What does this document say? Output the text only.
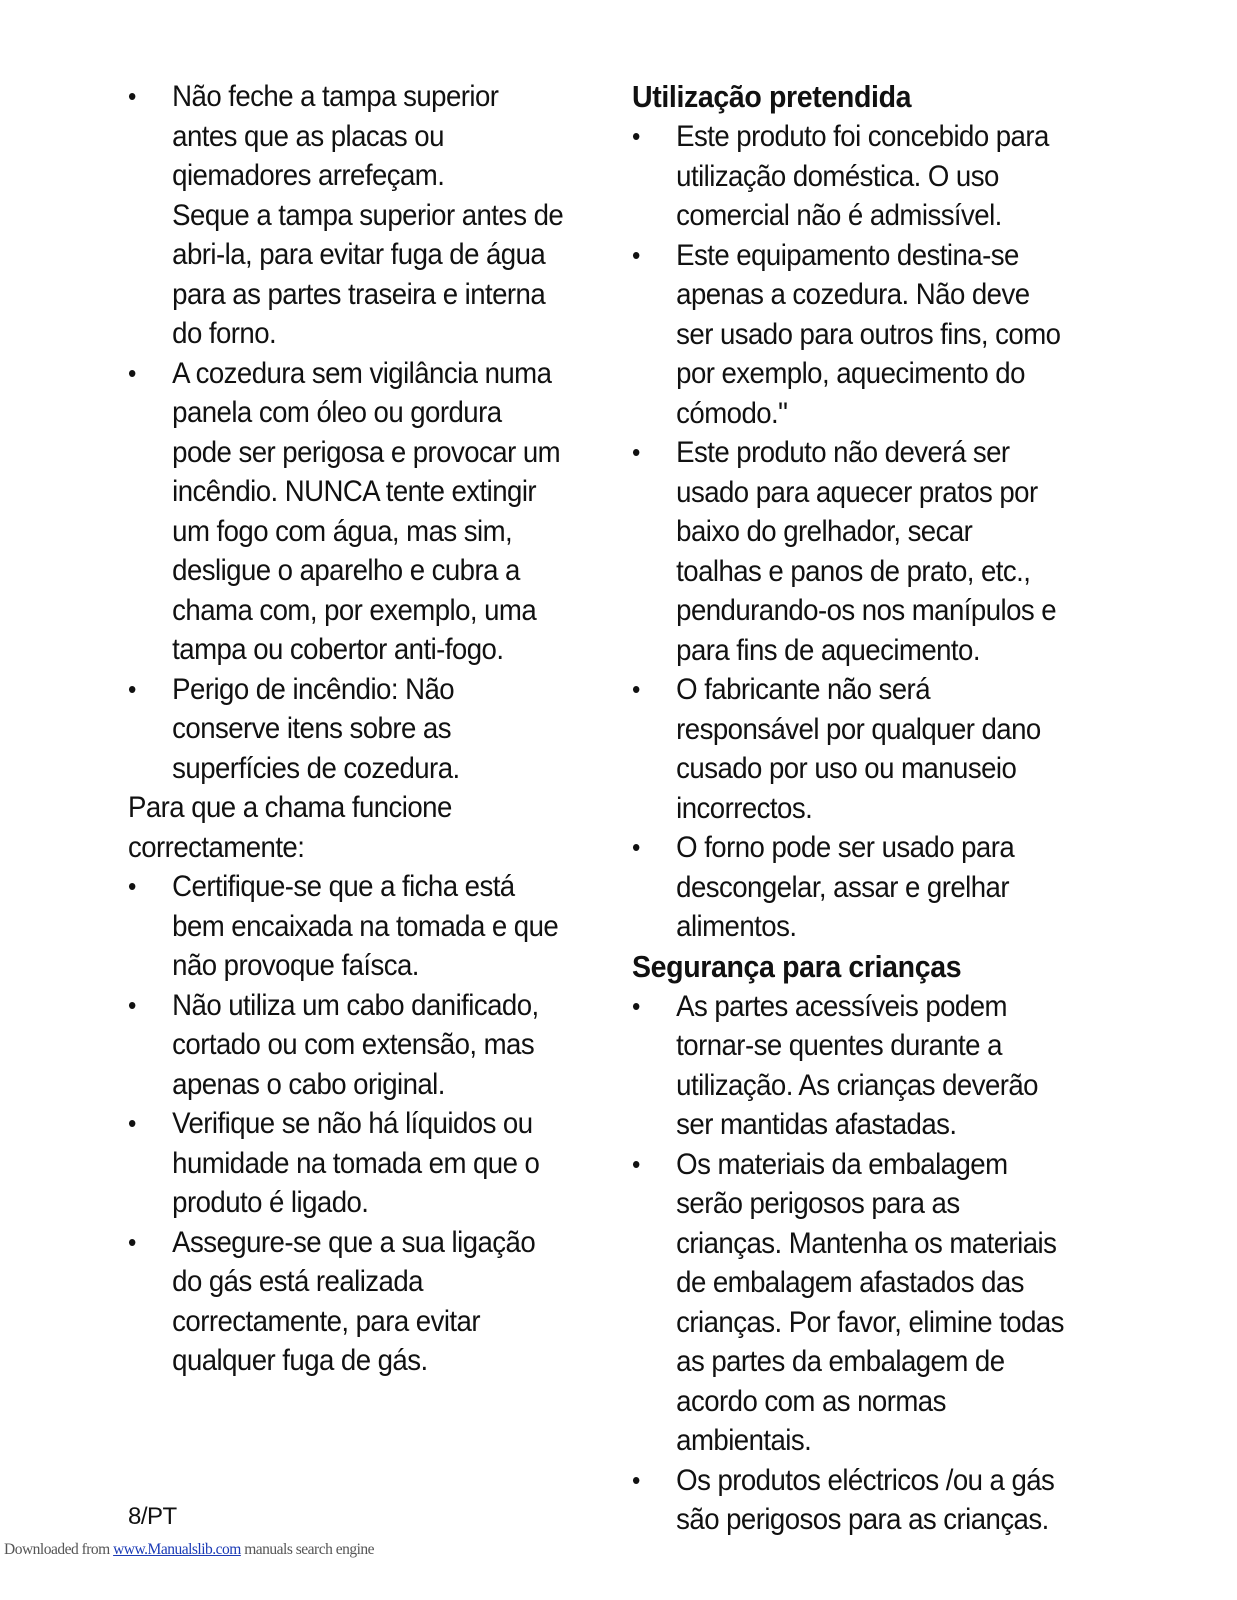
•	Não feche a tampa superior antes que as placas ou qiemadores arrefeçam.
Seque a tampa superior antes de abri-la, para evitar fuga de água para as partes traseira e interna do forno.
•	A cozedura sem vigilância numa panela com óleo ou gordura pode ser perigosa e provocar um incêndio. NUNCA tente extingir um fogo com água, mas sim, desligue o aparelho e cubra a chama com, por exemplo, uma tampa ou cobertor anti-fogo.
•	Perigo de incêndio: Não conserve itens sobre as superfícies de cozedura.
Para que a chama funcione correctamente:
•	Certifique-se que a ficha está bem encaixada na tomada e que não provoque faísca.
•	Não utiliza um cabo danificado, cortado ou com extensão, mas apenas o cabo original.
•	Verifique se não há líquidos ou humidade na tomada em que o produto é ligado.
•	Assegure-se que a sua ligação do gás está realizada correctamente, para evitar qualquer fuga de gás.
Utilização pretendida
•	Este produto foi concebido para utilização doméstica. O uso comercial não é admissível.
•	Este equipamento destina-se apenas a cozedura. Não deve ser usado para outros fins, como por exemplo, aquecimento do cómodo."
•	Este produto não deverá ser usado para aquecer pratos por baixo do grelhador, secar toalhas e panos de prato, etc., pendurando-os nos manípulos e para fins de aquecimento.
•	O fabricante não será responsável por qualquer dano cusado por uso ou manuseio incorrectos.
•	O forno pode ser usado para descongelar, assar e grelhar alimentos.
Segurança para crianças
•	As partes acessíveis podem tornar-se quentes durante a utilização. As crianças deverão ser mantidas afastadas.
•	Os materiais da embalagem serão perigosos para as crianças. Mantenha os materiais de embalagem afastados das crianças. Por favor, elimine todas as partes da embalagem de acordo com as normas ambientais.
•	Os produtos eléctricos /ou a gás são perigosos para as crianças.
8/PT
Downloaded from www.Manualslib.com manuals search engine
